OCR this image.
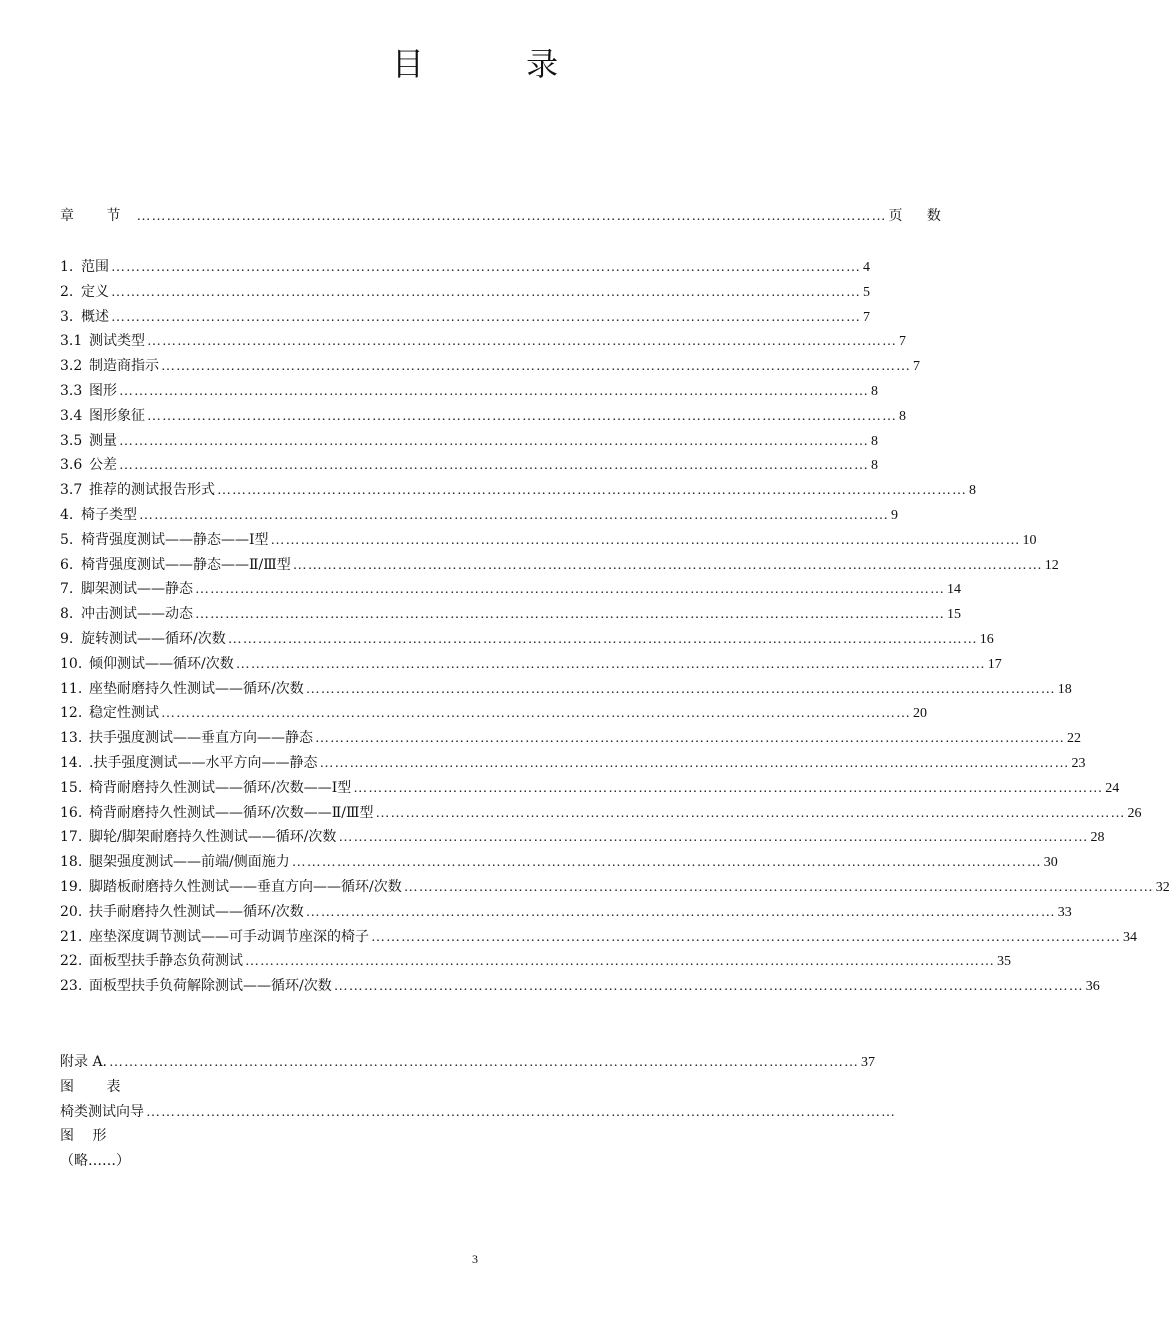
目 录
章 节 …………………………………………………………………………………………………………………………………… 页 数
1. 范围 …………………………………………………………………………………………………………………………………… 4
2. 定义 …………………………………………………………………………………………………………………………………… 5
3. 概述 …………………………………………………………………………………………………………………………………… 7
3.1 测试类型 …………………………………………………………………………………………………………………………………… 7
3.2 制造商指示 …………………………………………………………………………………………………………………………………… 7
3.3 图形 …………………………………………………………………………………………………………………………………… 8
3.4 图形象征 …………………………………………………………………………………………………………………………………… 8
3.5 测量 …………………………………………………………………………………………………………………………………… 8
3.6 公差 …………………………………………………………………………………………………………………………………… 8
3.7 推荐的测试报告形式 …………………………………………………………………………………………………………………………………… 8
4. 椅子类型 …………………………………………………………………………………………………………………………………… 9
5. 椅背强度测试——静态——Ⅰ型 …………………………………………………………………………………………………………………………………… 10
6. 椅背强度测试——静态——Ⅱ/Ⅲ型 …………………………………………………………………………………………………………………………………… 12
7. 脚架测试——静态 …………………………………………………………………………………………………………………………………… 14
8. 冲击测试——动态 …………………………………………………………………………………………………………………………………… 15
9. 旋转测试——循环/次数 …………………………………………………………………………………………………………………………………… 16
10. 倾仰测试——循环/次数 …………………………………………………………………………………………………………………………………… 17
11. 座垫耐磨持久性测试——循环/次数 …………………………………………………………………………………………………………………………………… 18
12. 稳定性测试 …………………………………………………………………………………………………………………………………… 20
13. 扶手强度测试——垂直方向——静态 …………………………………………………………………………………………………………………………………… 22
14. .扶手强度测试——水平方向——静态 …………………………………………………………………………………………………………………………………… 23
15. 椅背耐磨持久性测试——循环/次数——Ⅰ型 …………………………………………………………………………………………………………………………………… 24
16. 椅背耐磨持久性测试——循环/次数——Ⅱ/Ⅲ型 …………………………………………………………………………………………………………………………………… 26
17. 脚轮/脚架耐磨持久性测试——循环/次数 …………………………………………………………………………………………………………………………………… 28
18. 腿架强度测试——前端/侧面施力 …………………………………………………………………………………………………………………………………… 30
19. 脚踏板耐磨持久性测试——垂直方向——循环/次数 …………………………………………………………………………………………………………………………………… 32
20. 扶手耐磨持久性测试——循环/次数 …………………………………………………………………………………………………………………………………… 33
21. 座垫深度调节测试——可手动调节座深的椅子 …………………………………………………………………………………………………………………………………… 34
22. 面板型扶手静态负荷测试 …………………………………………………………………………………………………………………………………… 35
23. 面板型扶手负荷解除测试——循环/次数 …………………………………………………………………………………………………………………………………… 36
附录 A. …………………………………………………………………………………………………………………………………… 37
图 表
椅类测试向导 ……………………………………………………………………………………………………………………………………
图 形
（略……）
3
